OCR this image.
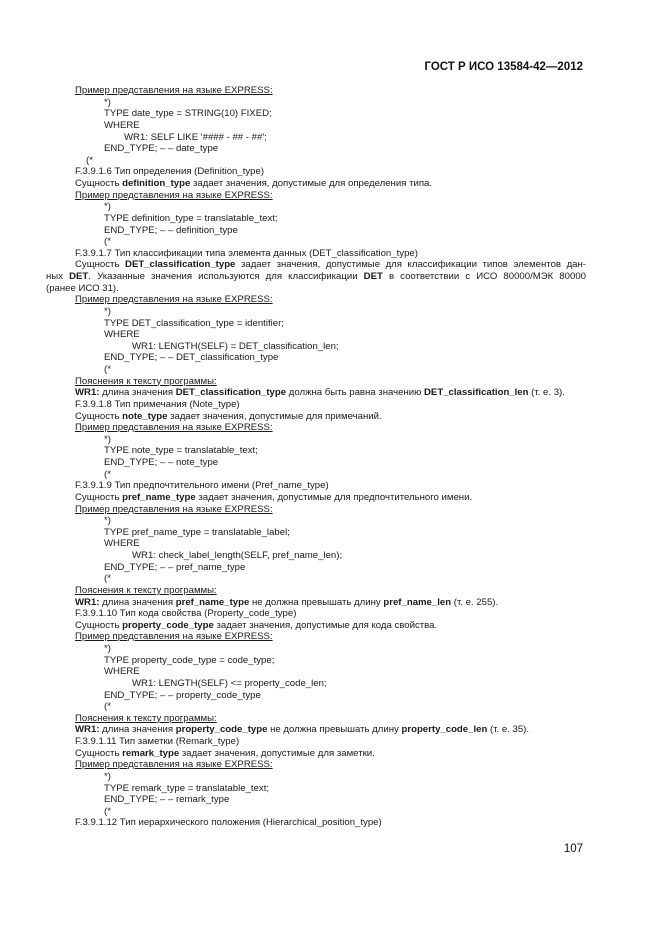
ГОСТ Р ИСО 13584-42—2012
Пример представления на языке EXPRESS:
*)
TYPE date_type = STRING(10) FIXED;
WHERE
WR1: SELF LIKE '#### - ## - ##';
END_TYPE; – – date_type
(*
F.3.9.1.6 Тип определения (Definition_type)
Сущность definition_type задает значения, допустимые для определения типа.
Пример представления на языке EXPRESS:
*)
TYPE definition_type = translatable_text;
END_TYPE; – – definition_type
(*
F.3.9.1.7 Тип классификации типа элемента данных (DET_classification_type)
Сущность DET_classification_type задает значения, допустимые для классификации типов элементов дан-
ных DET. Указанные значения используются для классификации DET в соответствии с ИСО 80000/МЭК 80000
(ранее ИСО 31).
Пример представления на языке EXPRESS:
*)
TYPE DET_classification_type = identifier;
WHERE
WR1: LENGTH(SELF) = DET_classification_len;
END_TYPE; – – DET_classification_type
(*
Пояснения к тексту программы:
WR1: длина значения DET_classification_type должна быть равна значению DET_classification_len (т. е. 3).
F.3.9.1.8 Тип примечания (Note_type)
Сущность note_type задает значения, допустимые для примечаний.
Пример представления на языке EXPRESS:
*)
TYPE note_type = translatable_text;
END_TYPE; – – note_type
(*
F.3.9.1.9 Тип предпочтительного имени (Pref_name_type)
Сущность pref_name_type задает значения, допустимые для предпочтительного имени.
Пример представления на языке EXPRESS:
*)
TYPE pref_name_type = translatable_label;
WHERE
WR1: check_label_length(SELF, pref_name_len);
END_TYPE; – – pref_name_type
(*
Пояснения к тексту программы:
WR1: длина значения pref_name_type не должна превышать длину pref_name_len (т. е. 255).
F.3.9.1.10 Тип кода свойства (Property_code_type)
Сущность property_code_type задает значения, допустимые для кода свойства.
Пример представления на языке EXPRESS:
*)
TYPE property_code_type = code_type;
WHERE
WR1: LENGTH(SELF) <= property_code_len;
END_TYPE; – – property_code_type
(*
Пояснения к тексту программы:
WR1: длина значения property_code_type не должна превышать длину property_code_len (т. е. 35).
F.3.9.1.11 Тип заметки (Remark_type)
Сущность remark_type задает значения, допустимые для заметки.
Пример представления на языке EXPRESS:
*)
TYPE remark_type = translatable_text;
END_TYPE; – – remark_type
(*
F.3.9.1.12 Тип иерархического положения (Hierarchical_position_type)
107
